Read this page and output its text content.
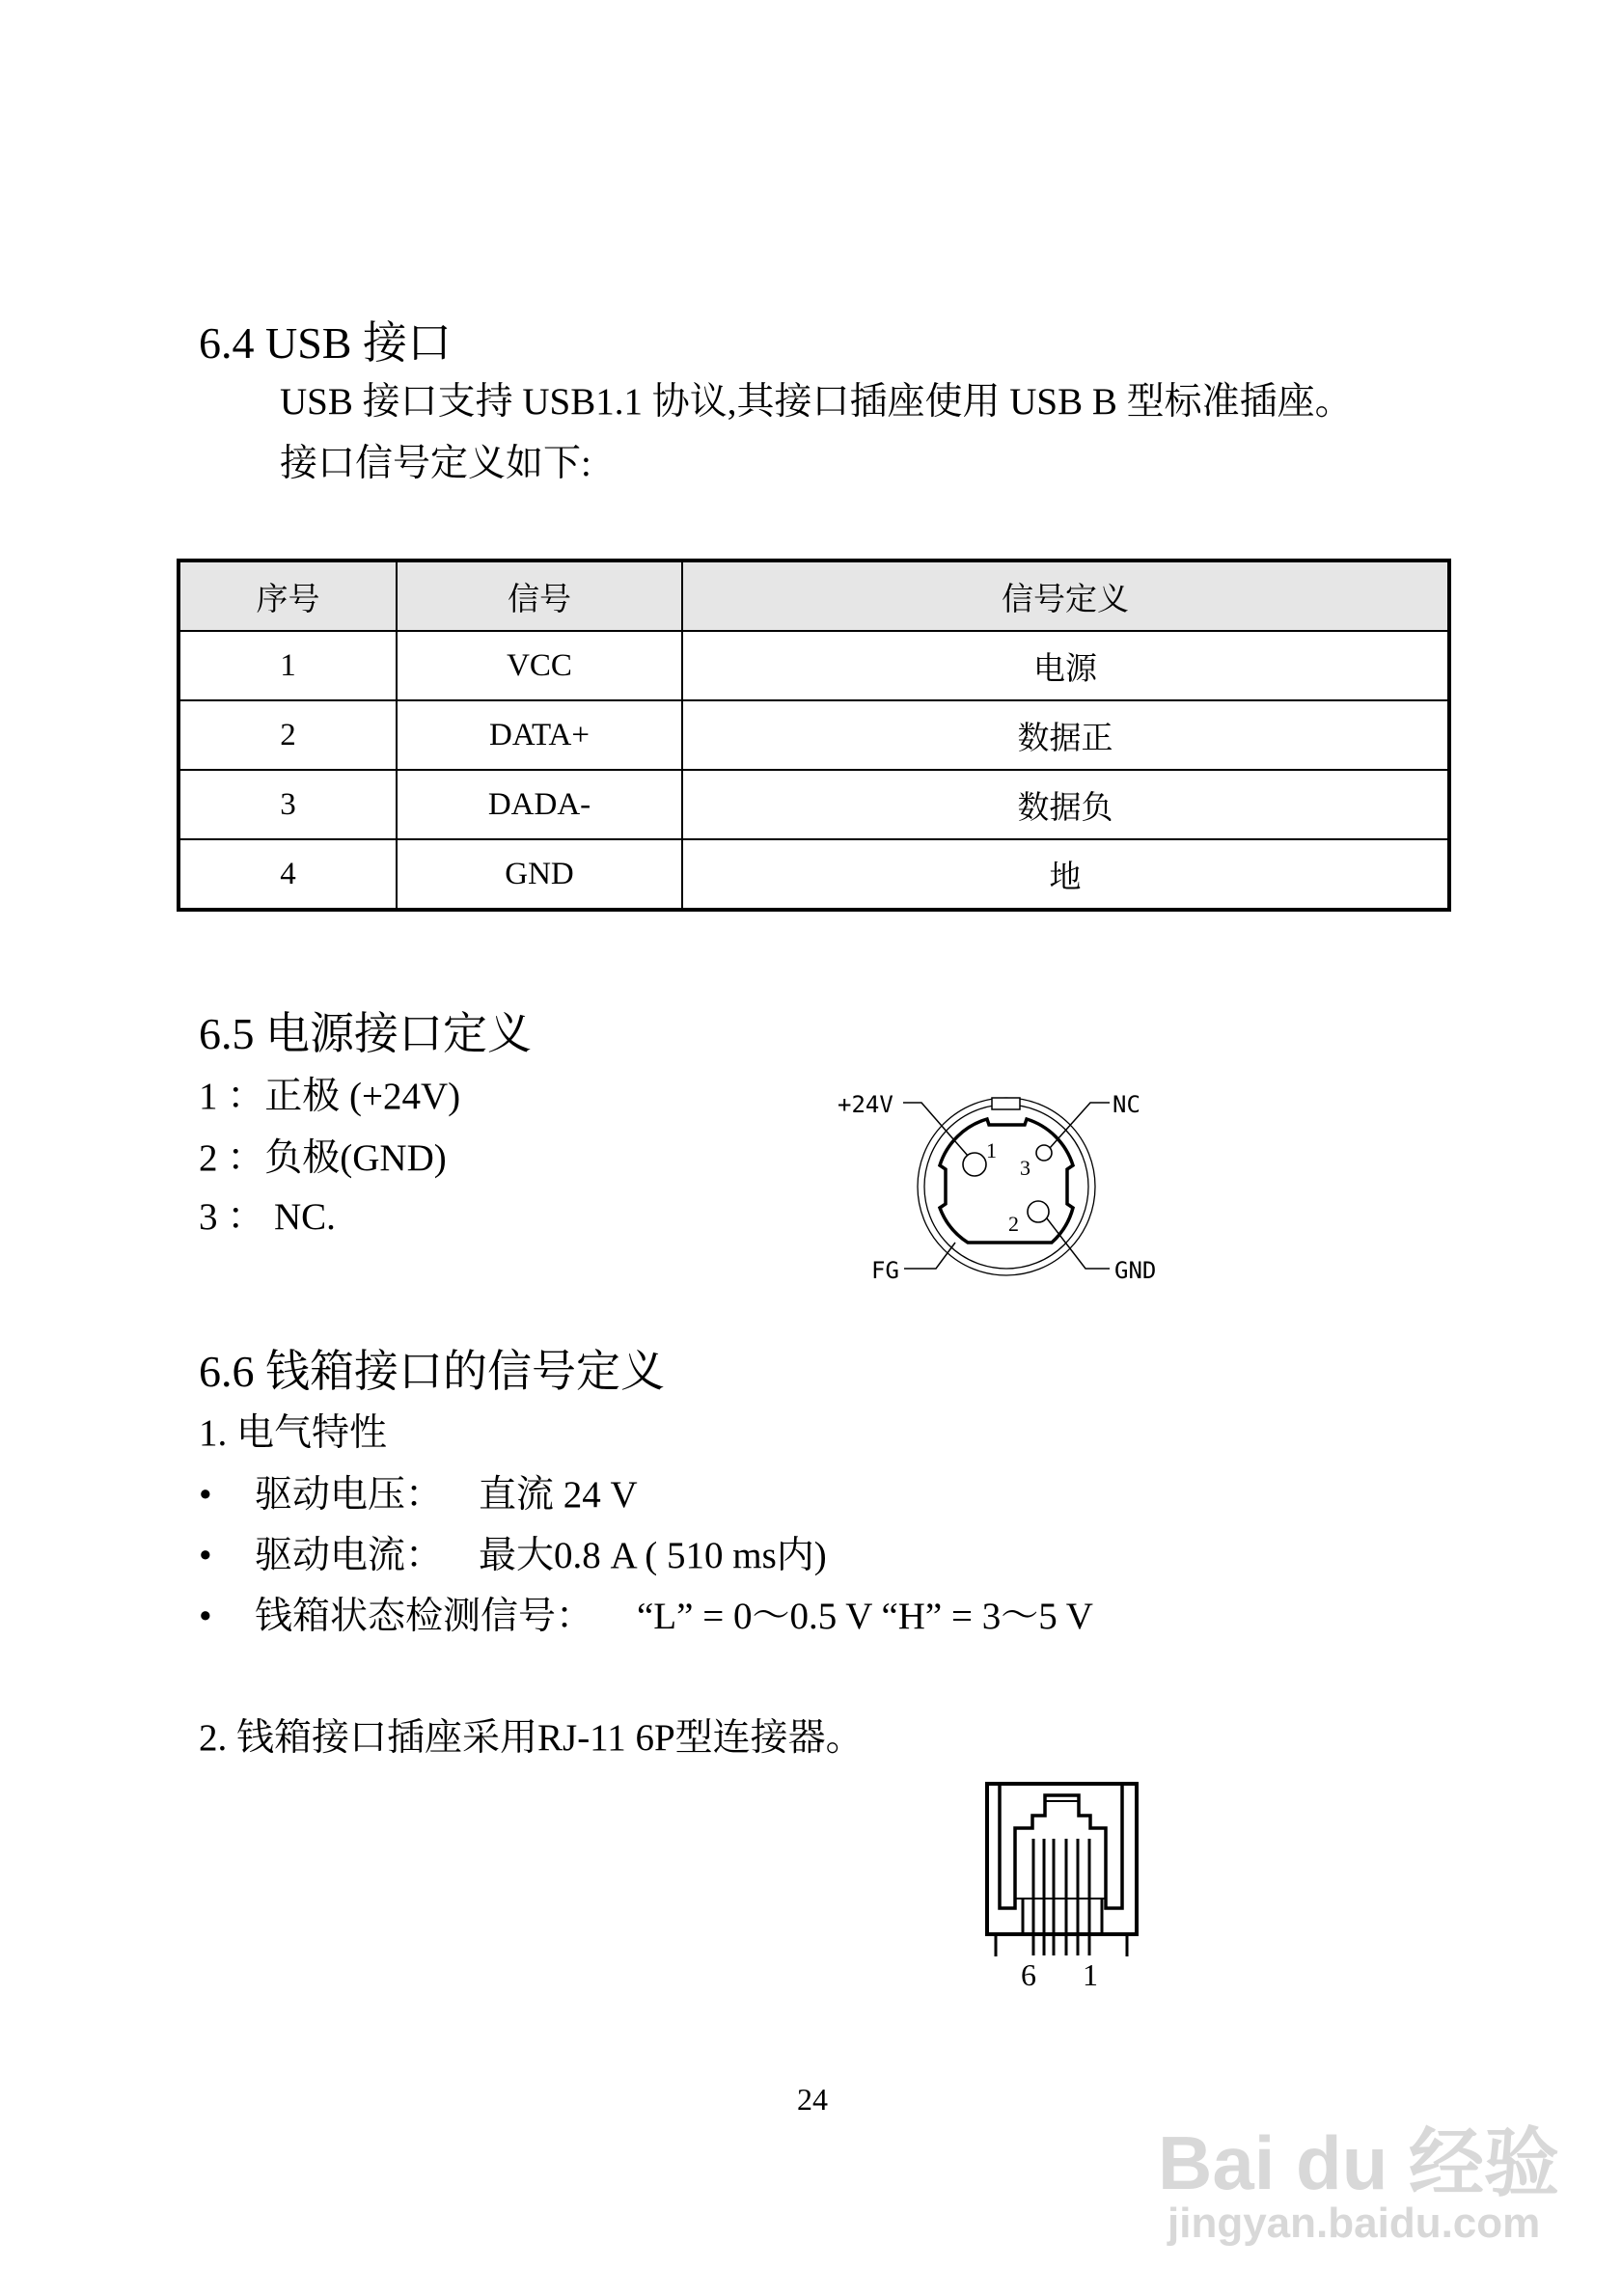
6.4 USB 接口
USB 接口支持 USB1.1 协议,其接口插座使用 USB B 型标准插座。
接口信号定义如下:
序号	信号	信号定义
1	VCC	电源
2	DATA+	数据正
3	DADA-	数据负
4	GND	地
6.5 电源接口定义
1 ：正极 (+24V)
2 ：负极(GND)
3 ： NC.
+24V	NC
FG	GND
1
3
2
6.6 钱箱接口的信号定义
1. 电气特性
• 驱动电压： 直流 24 V
• 驱动电流： 最大0.8 A ( 510 ms内)
• 钱箱状态检测信号： “L” = 0～0.5 V “H” = 3～5 V
2. 钱箱接口插座采用RJ-11 6P型连接器。
6 1
24
Bai du 经验
jingyan.baidu.com
